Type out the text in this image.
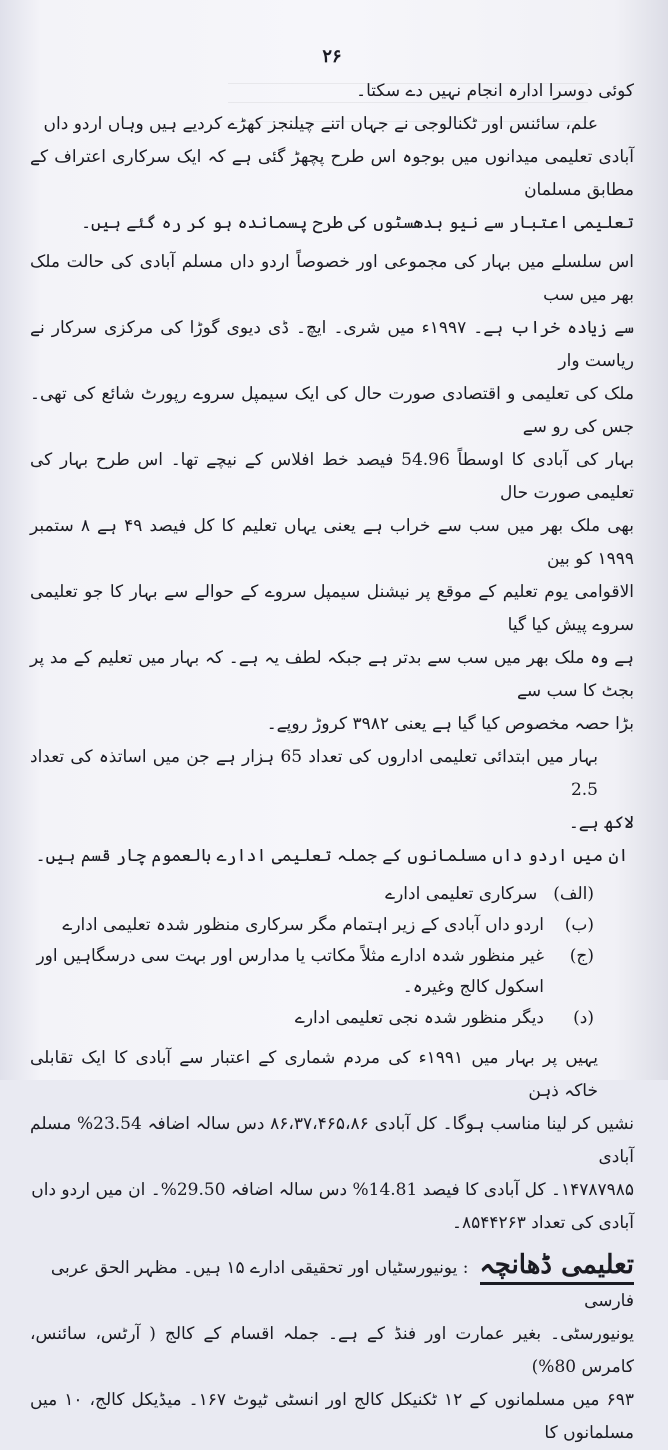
۲۶

کوئی دوسرا ادارہ انجام نہیں دے سکتا۔

علم، سائنس اور ٹکنالوجی نے جہاں اتنے چیلنجز کھڑے کردیے ہیں وہاں اردو داں

آبادی تعلیمی میدانوں میں بوجوہ اس طرح پچھڑ گئی ہے کہ ایک سرکاری اعتراف کے مطابق مسلمان

تعلیمی اعتبار سے نیو بدھسٹوں کی طرح پسماندہ ہو کر رہ گئے ہیں۔

اس سلسلے میں بہار کی مجموعی اور خصوصاً اردو داں مسلم آبادی کی حالت ملک بھر میں سب

سے زیادہ خراب ہے۔ ۱۹۹۷ء میں شری۔ ایچ۔ ڈی دیوی گوڑا کی مرکزی سرکار نے ریاست وار

ملک کی تعلیمی و اقتصادی صورت حال کی ایک سیمپل سروے رپورٹ شائع کی تھی۔ جس کی رو سے

بہار کی آبادی کا اوسطاً 54.96 فیصد خط افلاس کے نیچے تھا۔ اس طرح بہار کی تعلیمی صورت حال

بھی ملک بھر میں سب سے خراب ہے یعنی یہاں تعلیم کا کل فیصد ۴۹ ہے ۸ ستمبر ۱۹۹۹ کو بین

الاقوامی یوم تعلیم کے موقع پر نیشنل سیمپل سروے کے حوالے سے بہار کا جو تعلیمی سروے پیش کیا گیا

ہے وہ ملک بھر میں سب سے بدتر ہے جبکہ لطف یہ ہے۔ کہ بہار میں تعلیم کے مد پر بجٹ کا سب سے

بڑا حصہ مخصوص کیا گیا ہے یعنی ۳۹۸۲ کروڑ روپے۔

بہار میں ابتدائی تعلیمی اداروں کی تعداد 65 ہزار ہے جن میں اساتذہ کی تعداد 2.5

لاکھ ہے۔

ان میں اردو داں مسلمانوں کے جملہ تعلیمی ادارے بالعموم چار قسم ہیں۔

(الف)
سرکاری تعلیمی ادارے
(ب)
اردو داں آبادی کے زیر اہتمام مگر سرکاری منظور شدہ تعلیمی ادارے
(ج)
غیر منظور شدہ ادارے مثلاً مکاتب یا مدارس اور بہت سی درسگاہیں اور اسکول کالج وغیرہ۔
(د)
دیگر منظور شدہ نجی تعلیمی ادارے

یہیں پر بہار میں ۱۹۹۱ء کی مردم شماری کے اعتبار سے آبادی کا ایک تقابلی خاکہ ذہن

نشیں کر لینا مناسب ہوگا۔ کل آبادی ۸۶،۳۷،۴۶۵،۸۶ دس سالہ اضافہ 23.54% مسلم آبادی

۱۴۷۸۷۹۸۵۔ کل آبادی کا فیصد 14.81% دس سالہ اضافہ 29.50%۔ ان میں اردو داں

آبادی کی تعداد ۸۵۴۴۲۶۳۔

تعلیمی ڈھانچہ : یونیورسٹیاں اور تحقیقی ادارے ۱۵ ہیں۔ مظہر الحق عربی فارسی

یونیورسٹی۔ بغیر عمارت اور فنڈ کے ہے۔ جملہ اقسام کے کالج ( آرٹس، سائنس، کامرس 80%)

۶۹۳ میں مسلمانوں کے ۱۲ ٹکنیکل کالج اور انسٹی ٹیوٹ ۱۶۷۔ میڈیکل کالج، ۱۰ میں مسلمانوں کا
